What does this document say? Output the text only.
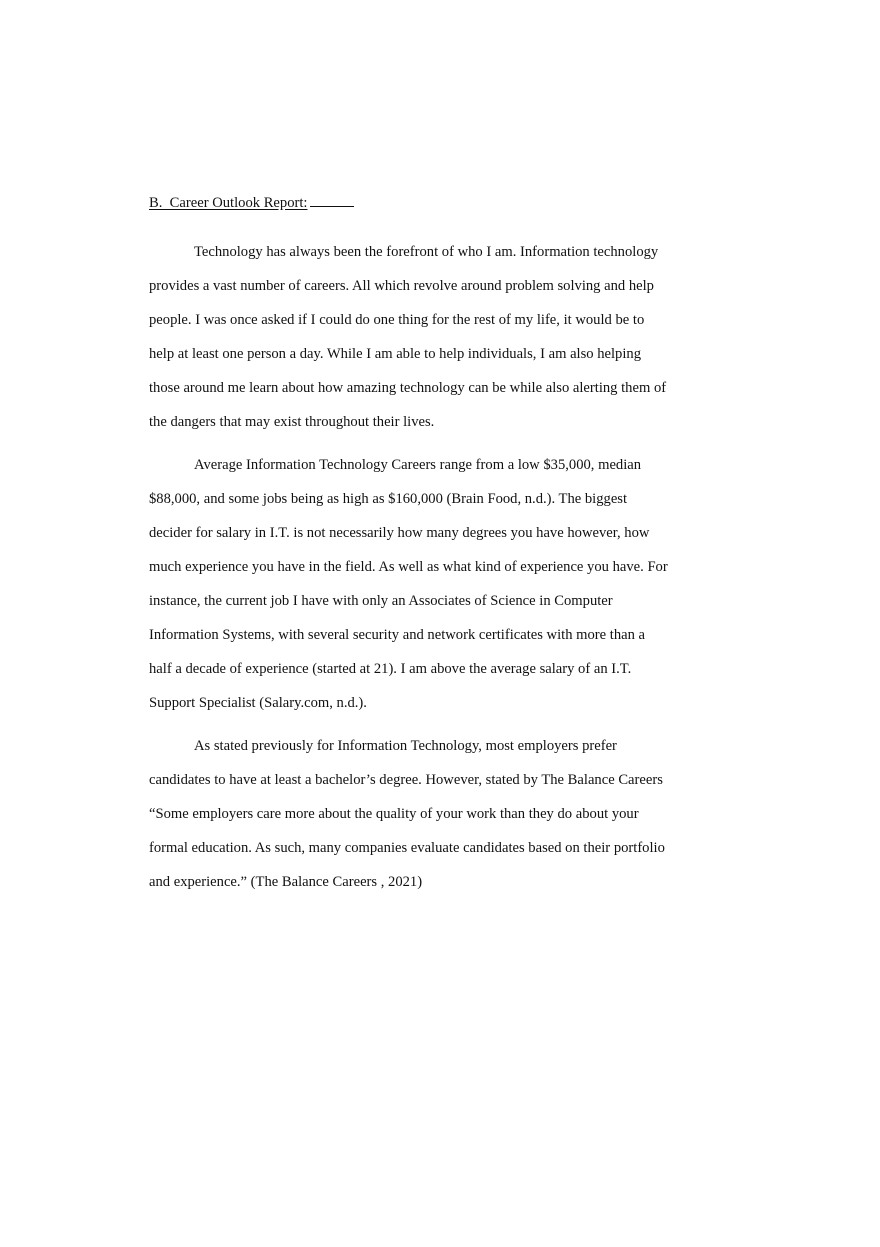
B.  Career Outlook Report:
Technology has always been the forefront of who I am. Information technology
provides a vast number of careers. All which revolve around problem solving and help
people. I was once asked if I could do one thing for the rest of my life, it would be to
help at least one person a day. While I am able to help individuals, I am also helping
those around me learn about how amazing technology can be while also alerting them of
the dangers that may exist throughout their lives.
Average Information Technology Careers range from a low $35,000, median
$88,000, and some jobs being as high as $160,000 (Brain Food, n.d.). The biggest
decider for salary in I.T. is not necessarily how many degrees you have however, how
much experience you have in the field. As well as what kind of experience you have. For
instance, the current job I have with only an Associates of Science in Computer
Information Systems, with several security and network certificates with more than a
half a decade of experience (started at 21). I am above the average salary of an I.T.
Support Specialist (Salary.com, n.d.).
As stated previously for Information Technology, most employers prefer
candidates to have at least a bachelor’s degree. However, stated by The Balance Careers
“Some employers care more about the quality of your work than they do about your
formal education. As such, many companies evaluate candidates based on their portfolio
and experience.” (The Balance Careers , 2021)
